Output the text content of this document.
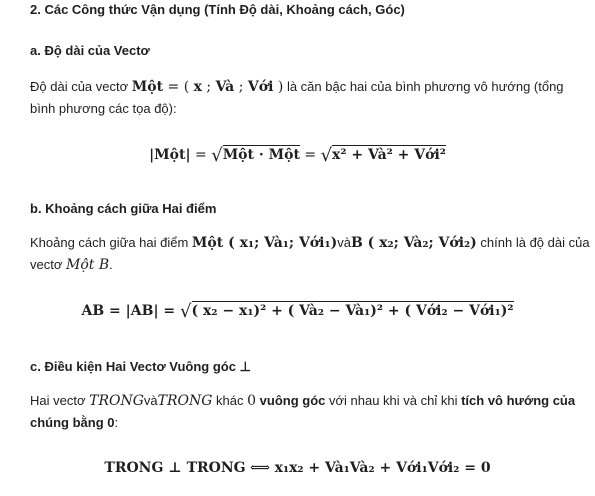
2. Các Công thức Vận dụng (Tính Độ dài, Khoảng cách, Góc)
a. Độ dài của Vectơ
Độ dài của vectơ Một = ( x ; Và ; Với ) là căn bậc hai của bình phương vô hướng (tổng bình phương các tọa độ):
|Một| = √Một · Một = √x² + Và² + Với²
b. Khoảng cách giữa Hai điểm
Khoảng cách giữa hai điểm Một ( x₁; Và₁; Với₁)vàB ( x₂; Và₂; Với₂) chính là độ dài của vectơ Một B.
AB = |AB| = √( x₂ − x₁)² + ( Và₂ − Và₁)² + ( Với₂ − Với₁)²
c. Điều kiện Hai Vectơ Vuông góc ⊥
Hai vectơ TRONGvàTRONG khác 0 vuông góc với nhau khi và chỉ khi tích vô hướng của chúng bằng 0:
TRONG ⊥ TRONG ⟺ x₁x₂ + Và₁Và₂ + Với₁Với₂ = 0
